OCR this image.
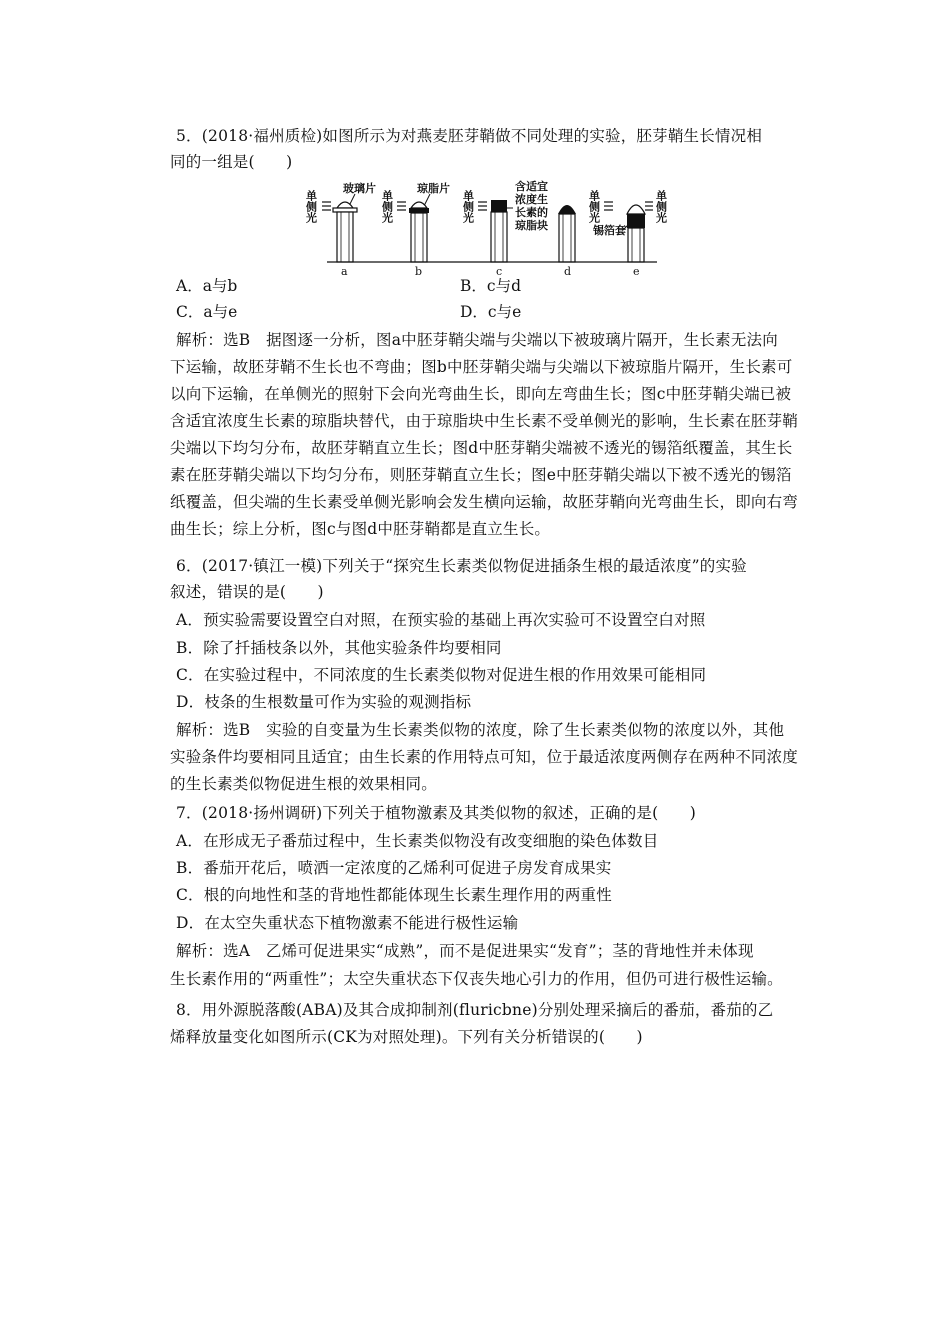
5．(2018·福州质检)如图所示为对燕麦胚芽鞘做不同处理的实验，胚芽鞘生长情况相
同的一组是(　　)
单侧光	单侧光	单侧光	单侧光	单侧光
玻璃片
a
琼脂片
b
含适宜
浓度生
长素的
琼脂块
c	d
锡箔套
e
A．a与b	B．c与d
C．a与e	D．c与e
解析：选B　据图逐一分析，图a中胚芽鞘尖端与尖端以下被玻璃片隔开，生长素无法向
下运输，故胚芽鞘不生长也不弯曲；图b中胚芽鞘尖端与尖端以下被琼脂片隔开，生长素可
以向下运输，在单侧光的照射下会向光弯曲生长，即向左弯曲生长；图c中胚芽鞘尖端已被
含适宜浓度生长素的琼脂块替代，由于琼脂块中生长素不受单侧光的影响，生长素在胚芽鞘
尖端以下均匀分布，故胚芽鞘直立生长；图d中胚芽鞘尖端被不透光的锡箔纸覆盖，其生长
素在胚芽鞘尖端以下均匀分布，则胚芽鞘直立生长；图e中胚芽鞘尖端以下被不透光的锡箔
纸覆盖，但尖端的生长素受单侧光影响会发生横向运输，故胚芽鞘向光弯曲生长，即向右弯
曲生长；综上分析，图c与图d中胚芽鞘都是直立生长。
6．(2017·镇江一模)下列关于“探究生长素类似物促进插条生根的最适浓度”的实验
叙述，错误的是(　　)
A．预实验需要设置空白对照，在预实验的基础上再次实验可不设置空白对照
B．除了扦插枝条以外，其他实验条件均要相同
C．在实验过程中，不同浓度的生长素类似物对促进生根的作用效果可能相同
D．枝条的生根数量可作为实验的观测指标
解析：选B　实验的自变量为生长素类似物的浓度，除了生长素类似物的浓度以外，其他
实验条件均要相同且适宜；由生长素的作用特点可知，位于最适浓度两侧存在两种不同浓度
的生长素类似物促进生根的效果相同。
7．(2018·扬州调研)下列关于植物激素及其类似物的叙述，正确的是(　　)
A．在形成无子番茄过程中，生长素类似物没有改变细胞的染色体数目
B．番茄开花后，喷洒一定浓度的乙烯利可促进子房发育成果实
C．根的向地性和茎的背地性都能体现生长素生理作用的两重性
D．在太空失重状态下植物激素不能进行极性运输
解析：选A　乙烯可促进果实“成熟”，而不是促进果实“发育”；茎的背地性并未体现
生长素作用的“两重性”；太空失重状态下仅丧失地心引力的作用，但仍可进行极性运输。
8．用外源脱落酸(ABA)及其合成抑制剂(fluricbne)分别处理采摘后的番茄，番茄的乙
烯释放量变化如图所示(CK为对照处理)。下列有关分析错误的(　　)
